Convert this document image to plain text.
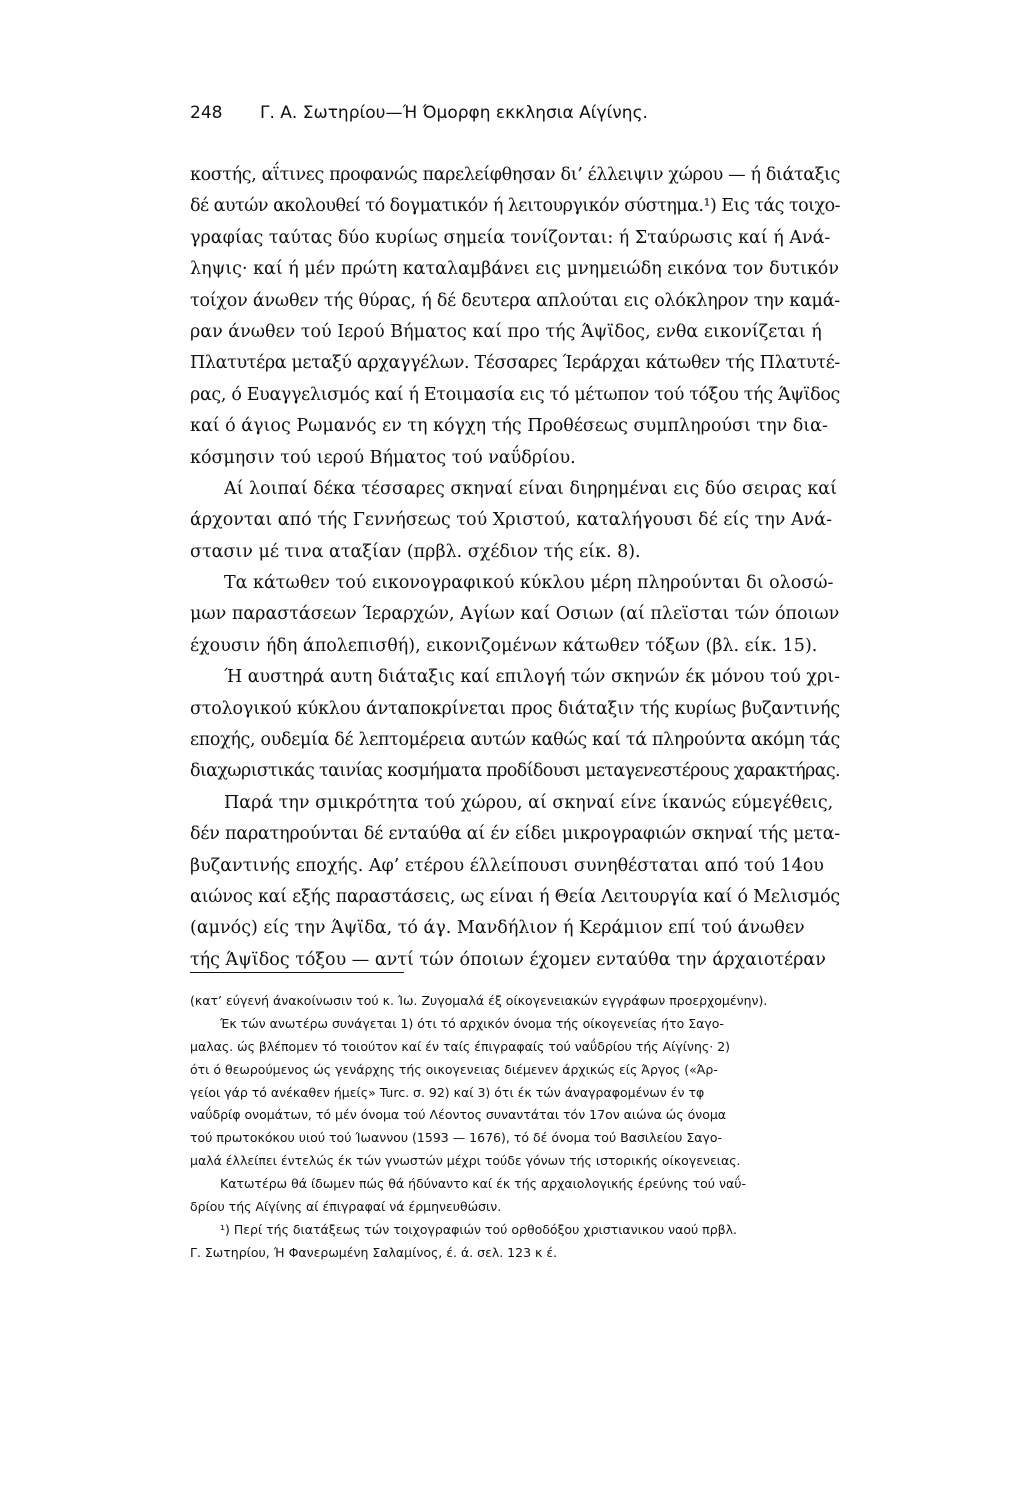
248 Γ. Α. Σωτηρίου—Ή Όμορφη εκκλησια Αίγίνης.
κοστής, αΐτινες προφανώς παρελείφθησαν δι’ έλλειψιν χώρου — ή διάταξις
δέ αυτών ακολουθεί τό δογματικόν ή λειτουργικόν σύστημα.¹) Εις τάς τοιχο-
γραφίας ταύτας δύο κυρίως σημεία τονίζονται: ή Σταύρωσις καί ή Ανά-
ληψις· καί ή μέν πρώτη καταλαμβάνει εις μνημειώδη εικόνα τον δυτικόν
τοίχον άνωθεν τής θύρας, ή δέ δευτερα απλούται εις ολόκληρον την καμά-
ραν άνωθεν τού Ιερού Βήματος καί προ τής Άψϊδος, ενθα εικονίζεται ή
Πλατυτέρα μεταξύ αρχαγγέλων. Τέσσαρες Ίεράρχαι κάτωθεν τής Πλατυτέ-
ρας, ό Ευαγγελισμός καί ή Ετοιμασία εις τό μέτωπον τού τόξου τής Άψϊδος
καί ό άγιος Ρωμανός εν τη κόγχη τής Προθέσεως συμπληρούσι την δια-
κόσμησιν τού ιερού Βήματος τού ναΰδρίου.
Αί λοιπαί δέκα τέσσαρες σκηναί είναι διηρημέναι εις δύο σειρας καί
άρχονται από τής Γεννήσεως τού Χριστού, καταλήγουσι δέ είς την Ανά-
στασιν μέ τινα αταξίαν (πρβλ. σχέδιον τής είκ. 8).
Τα κάτωθεν τού εικονογραφικού κύκλου μέρη πληρούνται δι ολοσώ-
μων παραστάσεων Ίεραρχών, Αγίων καί Οσιων (αί πλεϊσται τών όποιων
έχουσιν ήδη άπολεπισθή), εικονιζομένων κάτωθεν τόξων (βλ. είκ. 15).
Ή αυστηρά αυτη διάταξις καί επιλογή τών σκηνών έκ μόνου τού χρι-
στολογικού κύκλου άνταποκρίνεται προς διάταξιν τής κυρίως βυζαντινής
εποχής, ουδεμία δέ λεπτομέρεια αυτών καθώς καί τά πληρούντα ακόμη τάς
διαχωριστικάς ταινίας κοσμήματα προδίδουσι μεταγενεστέρους χαρακτήρας.
Παρά την σμικρότητα τού χώρου, αί σκηναί είνε ίκανώς εύμεγέθεις,
δέν παρατηρούνται δέ ενταύθα αί έν είδει μικρογραφιών σκηναί τής μετα-
βυζαντινής εποχής. Αφ’ ετέρου έλλείπουσι συνηθέσταται από τού 14ου
αιώνος καί εξής παραστάσεις, ως είναι ή Θεία Λειτουργία καί ό Μελισμός
(αμνός) είς την Άψϊδα, τό άγ. Μανδήλιον ή Κεράμιον επί τού άνωθεν
τής Άψϊδος τόξου — αντί τών όποιων έχομεν ενταύθα την άρχαιοτέραν
(κατ’ εύγενή άνακοίνωσιν τού κ. Ίω. Ζυγομαλά έξ οίκογενειακών εγγράφων προερχομένην).
Έκ τών ανωτέρω συνάγεται 1) ότι τό αρχικόν όνομα τής οίκογενείας ήτο Σαγο-
μαλας. ώς βλέπομεν τό τοιούτον καί έν ταίς έπιγραφαίς τού ναΰδρίου τής Αίγίνης· 2)
ότι ό θεωρούμενος ώς γενάρχης τής οικογενειας διέμενεν άρχικώς είς Άργος («Άρ-
γείοι γάρ τό ανέκαθεν ήμείς» Turc. σ. 92) καί 3) ότι έκ τών άναγραφομένων έν τφ
ναΰδρίφ ονομάτων, τό μέν όνομα τού Λέοντος συναντάται τόν 17ον αιώνα ώς όνομα
τού πρωτοκόκου υιού τού Ίωαννου (1593 — 1676), τό δέ όνομα τού Βασιλείου Σαγο-
μαλά έλλείπει έντελώς έκ τών γνωστών μέχρι τούδε γόνων τής ιστορικής οίκογενειας.
Κατωτέρω θά ίδωμεν πώς θά ήδύναντο καί έκ τής αρχαιολογικής έρεύνης τού ναΰ-
δρίου τής Αίγίνης αί έπιγραφαί νά έρμηνευθώσιν.
¹) Περί τής διατάξεως τών τοιχογραφιών τού ορθοδόξου χριστιανικου ναού πρβλ.
Γ. Σωτηρίου, Ή Φανερωμένη Σαλαμίνος, έ. ά. σελ. 123 κ έ.
